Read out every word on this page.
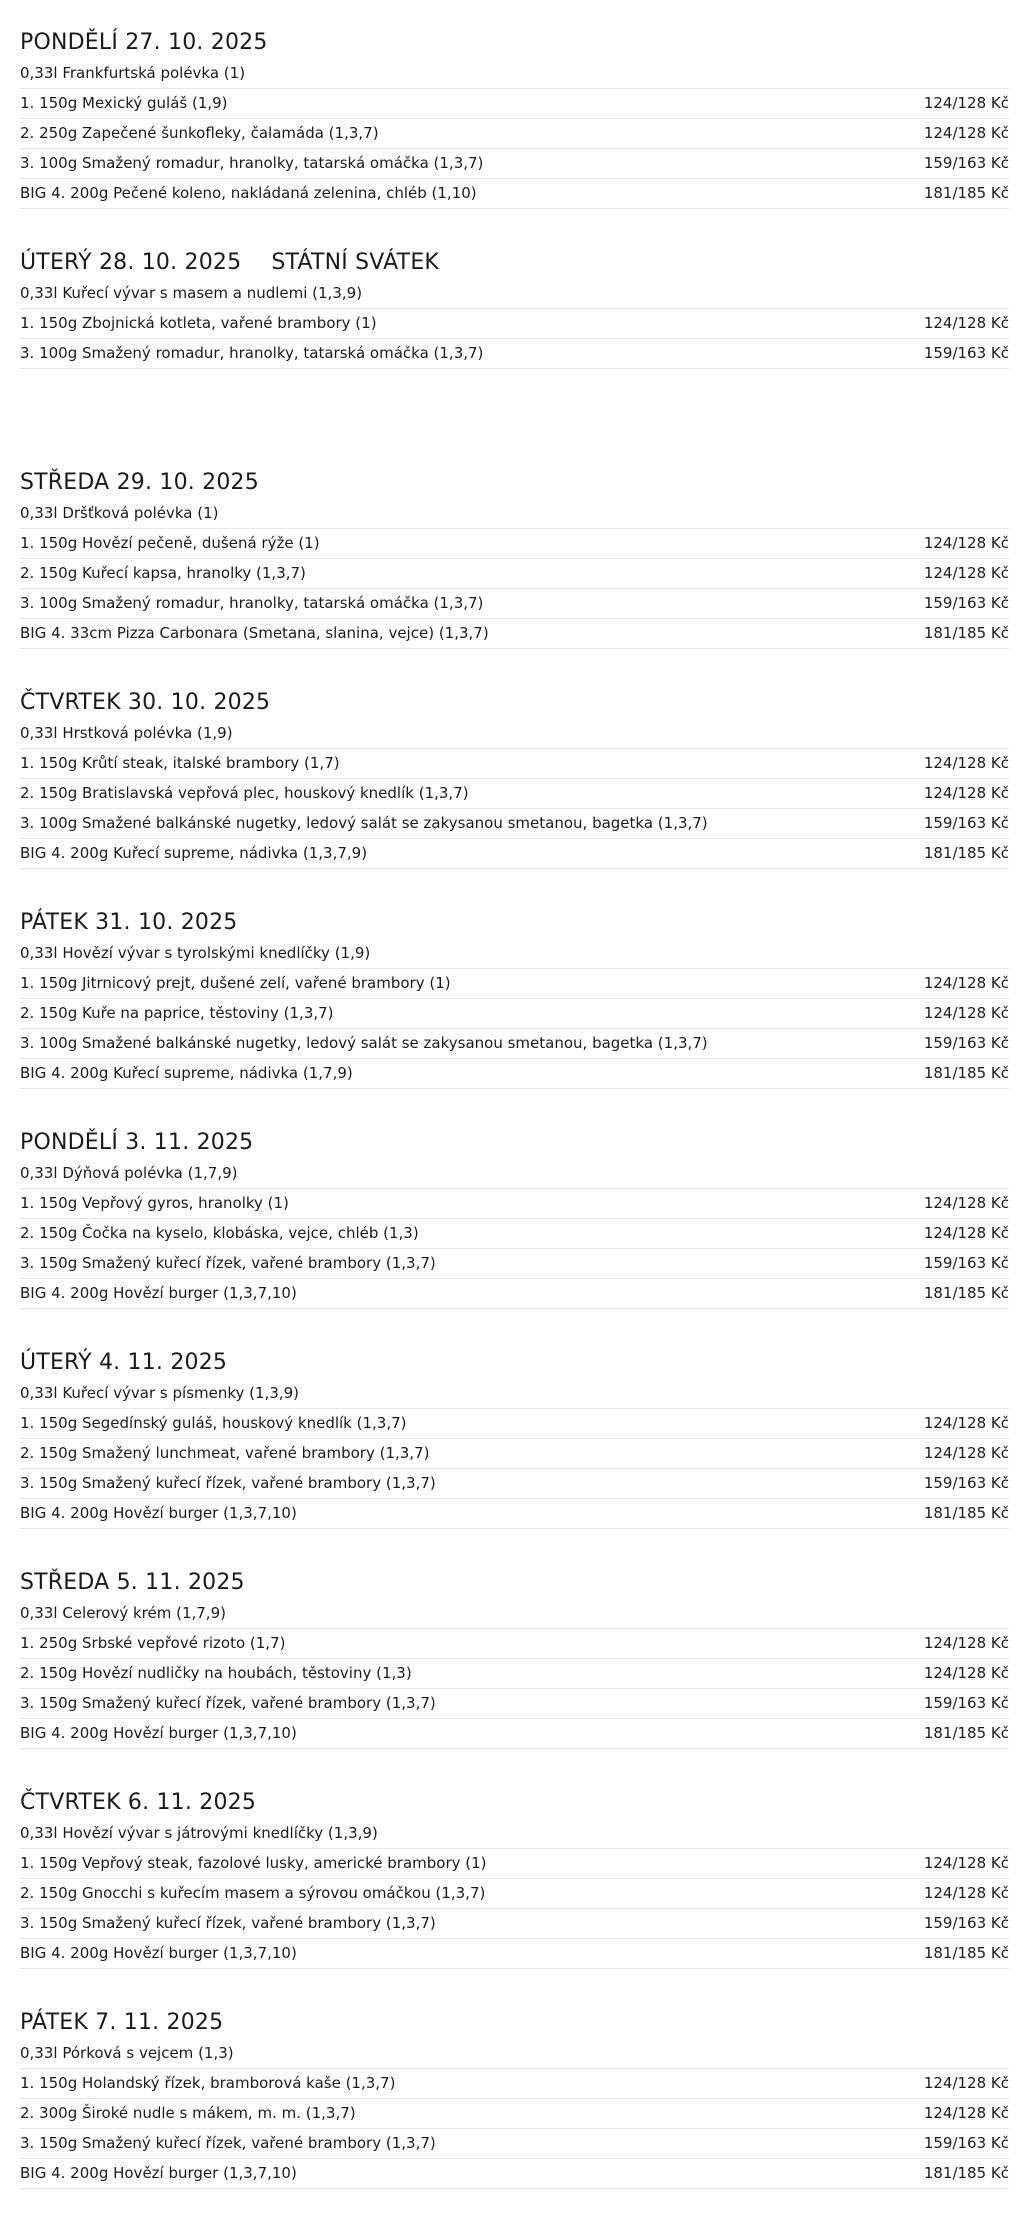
PONDĚLÍ 27. 10. 2025
0,33l Frankfurtská polévka (1)
1. 150g Mexický guláš (1,9)	124/128 Kč
2. 250g Zapečené šunkofleky, čalamáda (1,3,7)	124/128 Kč
3. 100g Smažený romadur, hranolky, tatarská omáčka (1,3,7)	159/163 Kč
BIG 4. 200g Pečené koleno, nakládaná zelenina, chléb (1,10)	181/185 Kč
ÚTERÝ 28. 10. 2025 STÁTNÍ SVÁTEK
0,33l Kuřecí vývar s masem a nudlemi (1,3,9)
1. 150g Zbojnická kotleta, vařené brambory (1)	124/128 Kč
3. 100g Smažený romadur, hranolky, tatarská omáčka (1,3,7)	159/163 Kč
STŘEDA 29. 10. 2025
0,33l Dršťková polévka (1)
1. 150g Hovězí pečeně, dušená rýže (1)	124/128 Kč
2. 150g Kuřecí kapsa, hranolky (1,3,7)	124/128 Kč
3. 100g Smažený romadur, hranolky, tatarská omáčka (1,3,7)	159/163 Kč
BIG 4. 33cm Pizza Carbonara (Smetana, slanina, vejce) (1,3,7)	181/185 Kč
ČTVRTEK 30. 10. 2025
0,33l Hrstková polévka (1,9)
1. 150g Krůtí steak, italské brambory (1,7)	124/128 Kč
2. 150g Bratislavská vepřová plec, houskový knedlík (1,3,7)	124/128 Kč
3. 100g Smažené balkánské nugetky, ledový salát se zakysanou smetanou, bagetka (1,3,7)	159/163 Kč
BIG 4. 200g Kuřecí supreme, nádivka (1,3,7,9)	181/185 Kč
PÁTEK 31. 10. 2025
0,33l Hovězí vývar s tyrolskými knedlíčky (1,9)
1. 150g Jitrnicový prejt, dušené zelí, vařené brambory (1)	124/128 Kč
2. 150g Kuře na paprice, těstoviny (1,3,7)	124/128 Kč
3. 100g Smažené balkánské nugetky, ledový salát se zakysanou smetanou, bagetka (1,3,7)	159/163 Kč
BIG 4. 200g Kuřecí supreme, nádivka (1,7,9)	181/185 Kč
PONDĚLÍ 3. 11. 2025
0,33l Dýňová polévka (1,7,9)
1. 150g Vepřový gyros, hranolky (1)	124/128 Kč
2. 150g Čočka na kyselo, klobáska, vejce, chléb (1,3)	124/128 Kč
3. 150g Smažený kuřecí řízek, vařené brambory (1,3,7)	159/163 Kč
BIG 4. 200g Hovězí burger (1,3,7,10)	181/185 Kč
ÚTERÝ 4. 11. 2025
0,33l Kuřecí vývar s písmenky (1,3,9)
1. 150g Segedínský guláš, houskový knedlík (1,3,7)	124/128 Kč
2. 150g Smažený lunchmeat, vařené brambory (1,3,7)	124/128 Kč
3. 150g Smažený kuřecí řízek, vařené brambory (1,3,7)	159/163 Kč
BIG 4. 200g Hovězí burger (1,3,7,10)	181/185 Kč
STŘEDA 5. 11. 2025
0,33l Celerový krém (1,7,9)
1. 250g Srbské vepřové rizoto (1,7)	124/128 Kč
2. 150g Hovězí nudličky na houbách, těstoviny (1,3)	124/128 Kč
3. 150g Smažený kuřecí řízek, vařené brambory (1,3,7)	159/163 Kč
BIG 4. 200g Hovězí burger (1,3,7,10)	181/185 Kč
ČTVRTEK 6. 11. 2025
0,33l Hovězí vývar s játrovými knedlíčky (1,3,9)
1. 150g Vepřový steak, fazolové lusky, americké brambory (1)	124/128 Kč
2. 150g Gnocchi s kuřecím masem a sýrovou omáčkou (1,3,7)	124/128 Kč
3. 150g Smažený kuřecí řízek, vařené brambory (1,3,7)	159/163 Kč
BIG 4. 200g Hovězí burger (1,3,7,10)	181/185 Kč
PÁTEK 7. 11. 2025
0,33l Pórková s vejcem (1,3)
1. 150g Holandský řízek, bramborová kaše (1,3,7)	124/128 Kč
2. 300g Široké nudle s mákem, m. m. (1,3,7)	124/128 Kč
3. 150g Smažený kuřecí řízek, vařené brambory (1,3,7)	159/163 Kč
BIG 4. 200g Hovězí burger (1,3,7,10)	181/185 Kč
